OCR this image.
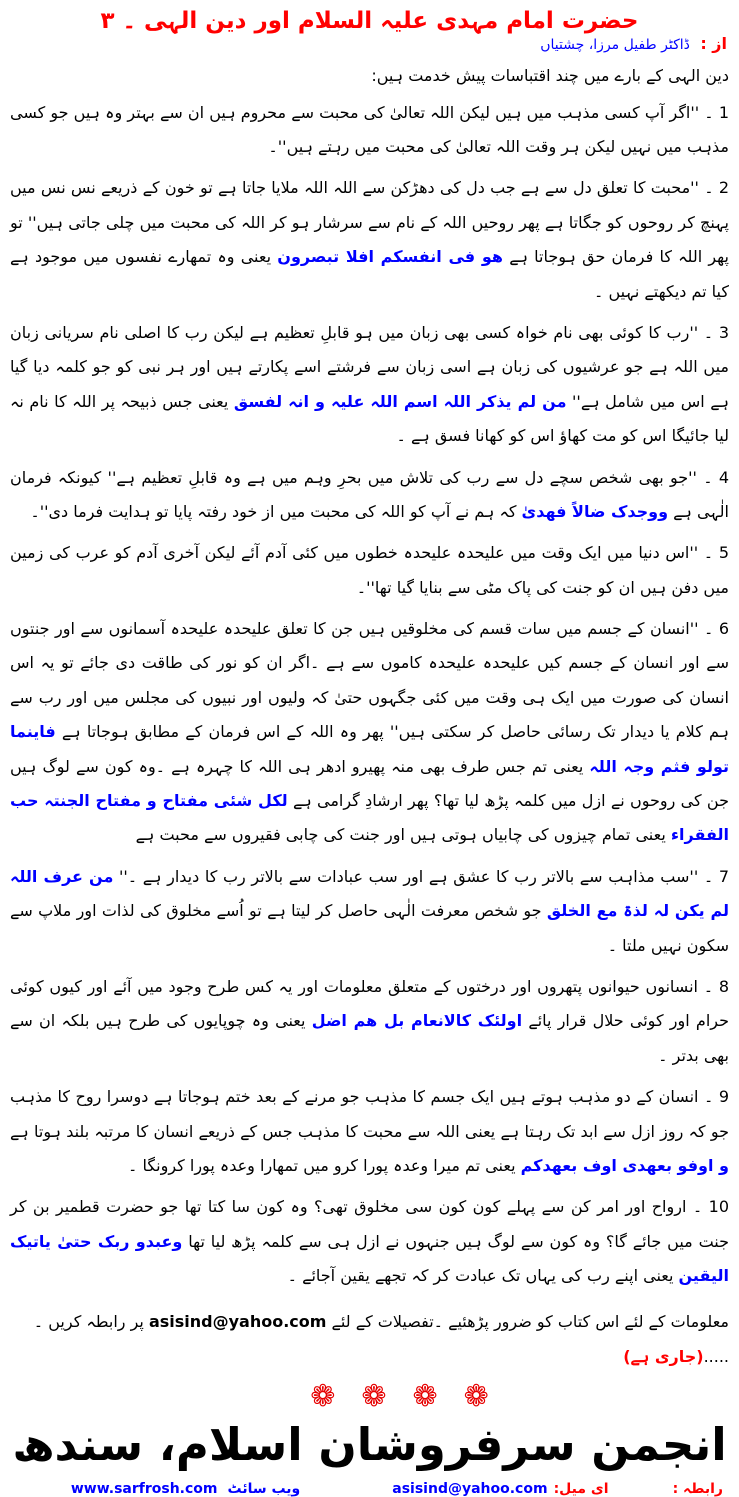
حضرت امام مہدی علیہ السلام اور دین الہی ۔ ۳
از : ڈاکٹر طفیل مرزا، چشتیاں

دین الہی کے بارے میں چند اقتباسات پیش خدمت ہیں:

1 ۔ ''اگر آپ کسی مذہب میں ہیں لیکن اللہ تعالیٰ کی محبت سے محروم ہیں ان سے بہتر وہ ہیں جو کسی مذہب میں نہیں لیکن ہر وقت اللہ تعالیٰ کی محبت میں رہتے ہیں''۔

2 ۔ ''محبت کا تعلق دل سے ہے جب دل کی دھڑکن سے اللہ اللہ ملایا جاتا ہے تو خون کے ذریعے نس نس میں پہنچ کر روحوں کو جگاتا ہے پھر روحیں اللہ کے نام سے سرشار ہو کر اللہ کی محبت میں چلی جاتی ہیں'' تو پھر اللہ کا فرمان حق ہوجاتا ہے ھو فی انفسکم افلا تبصرون یعنی وہ تمھارے نفسوں میں موجود ہے کیا تم دیکھتے نہیں ۔

3 ۔ ''رب کا کوئی بھی نام خواہ کسی بھی زبان میں ہو قابلِ تعظیم ہے لیکن رب کا اصلی نام سریانی زبان میں اللہ ہے جو عرشیوں کی زبان ہے اسی زبان سے فرشتے اسے پکارتے ہیں اور ہر نبی کو جو کلمہ دیا گیا ہے اس میں شامل ہے'' من لم یذکر اللہ اسم اللہ علیہ و انہ لفسق یعنی جس ذبیحہ پر اللہ کا نام نہ لیا جائیگا اس کو مت کھاؤ اس کو کھانا فسق ہے ۔

4 ۔ ''جو بھی شخص سچے دل سے رب کی تلاش میں بحرِ وہم میں ہے وہ قابلِ تعظیم ہے'' کیونکہ فرمان الٰہی ہے ووجدک ضالاً فھدیٰ کہ ہم نے آپ کو اللہ کی محبت میں از خود رفتہ پایا تو ہدایت فرما دی''۔

5 ۔ ''اس دنیا میں ایک وقت میں علیحدہ علیحدہ خطوں میں کئی آدم آئے لیکن آخری آدم کو عرب کی زمین میں دفن ہیں ان کو جنت کی پاک مٹی سے بنایا گیا تھا''۔

6 ۔ ''انسان کے جسم میں سات قسم کی مخلوقیں ہیں جن کا تعلق علیحدہ علیحدہ آسمانوں سے اور جنتوں سے اور انسان کے جسم کیں علیحدہ علیحدہ کاموں سے ہے ۔اگر ان کو نور کی طاقت دی جائے تو یہ اس انسان کی صورت میں ایک ہی وقت میں کئی جگہوں حتیٰ کہ ولیوں اور نبیوں کی مجلس میں اور رب سے ہم کلام یا دیدار تک رسائی حاصل کر سکتی ہیں'' پھر وہ اللہ کے اس فرمان کے مطابق ہوجاتا ہے فاینما تولو فثم وجہ اللہ یعنی تم جس طرف بھی منہ پھیرو ادھر ہی اللہ کا چہرہ ہے ۔وہ کون سے لوگ ہیں جن کی روحوں نے ازل میں کلمہ پڑھ لیا تھا؟ پھر ارشادِ گرامی ہے لکل شئی مفتاح و مفتاح الجنتہ حب الفقراء یعنی تمام چیزوں کی چابیاں ہوتی ہیں اور جنت کی چابی فقیروں سے محبت ہے

7 ۔ ''سب مذاہب سے بالاتر رب کا عشق ہے اور سب عبادات سے بالاتر رب کا دیدار ہے ۔'' من عرف اللہ لم یکن لہ لذۃ مع الخلق جو شخص معرفت الٰہی حاصل کر لیتا ہے تو اُسے مخلوق کی لذات اور ملاپ سے سکون نہیں ملتا ۔

8 ۔ انسانوں حیوانوں پتھروں اور درختوں کے متعلق معلومات اور یہ کس طرح وجود میں آئے اور کیوں کوئی حرام اور کوئی حلال قرار پائے اولئک کالانعام بل ھم اضل یعنی وہ چوپایوں کی طرح ہیں بلکہ ان سے بھی بدتر ۔

9 ۔ انسان کے دو مذہب ہوتے ہیں ایک جسم کا مذہب جو مرنے کے بعد ختم ہوجاتا ہے دوسرا روح کا مذہب جو کہ روز ازل سے ابد تک رہتا ہے یعنی اللہ سے محبت کا مذہب جس کے ذریعے انسان کا مرتبہ بلند ہوتا ہے و اوفو بعھدی اوف بعھدکم یعنی تم میرا وعدہ پورا کرو میں تمھارا وعدہ پورا کرونگا ۔

10 ۔ ارواح اور امر کن سے پہلے کون کون سی مخلوق تھی؟ وہ کون سا کتا تھا جو حضرت قطمیر بن کر جنت میں جائے گا؟ وہ کون سے لوگ ہیں جنہوں نے ازل ہی سے کلمہ پڑھ لیا تھا وعبدو ربک حتیٰ یاتیک الیقین یعنی اپنے رب کی یہاں تک عبادت کر کہ تجھے یقین آجائے ۔

معلومات کے لئے اس کتاب کو ضرور پڑھئیے ۔تفصیلات کے لئے asisind@yahoo.com پر رابطہ کریں ۔ .....(جاری ہے)

❁ ❁ ❁ ❁
انجمن سرفروشان اسلام، سندھ
رابطہ :
ای میل:
asisind@yahoo.com
ویب سائٹ
www.sarfrosh.com
